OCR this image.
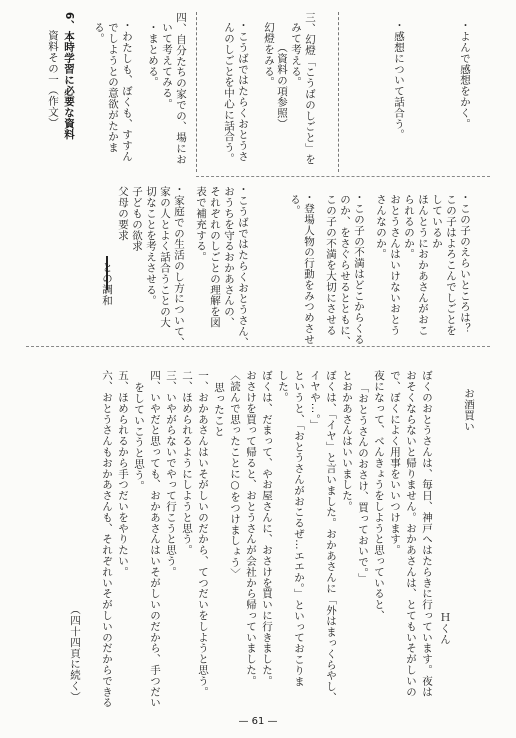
・よんで感想をかく。
・感想について話合う。
三、幻燈「こうばのしごと」を
みて考える。
（資料の項参照）
幻燈をみる。
・こうばではたらくおとうさ
んのしごとを中心に話合う。
四、自分たちの家での、場にお
いて考えてみる。
・まとめる。
・わたしも、ぼくも、すすん
でしようとの意欲がたかま
る。
6、本時学習に必要な資料
資料その一（作文）
・この子のえらいところは？
この子はよろこんでしごとを
しているか
ほんとうにおかあさんがおこ
られるのか。
おとうさんはいけないおとう
さんなのか。
・この子の不満はどこからくる
のか、をさぐらせるとともに、
この子の不満を大切にさせる
・登場人物の行動をみつめさせ
る。
・こうばではたらくおとうさん、
おうちを守るおかあさんの、
それぞれのしごとの理解を図
表で補充する。
・家庭での生活のし方について、
家の人とよく話合うことの大
切なことを考えさせる。
子どもの欲求
父母の要求
との調和
お酒買い
Ｈくん
ぼくのおとうさんは、毎日、神戸へはたらきに行っています。夜は
おそくならないと帰りません。おかあさんは、とてもいそがしいの
で、ぼくによく用事をいいつけます。
夜になって、べんきょうをしようと思っていると、
「おとうさんのおさけ、買っておいで。」
とおかあさんはいいました。
ぼくは、「イヤ」と言いました。おかあさんに「外はまっくらやし、
イヤや…。」
というと、「おとうさんがおこるぜ…エエか。」といっておこりま
した。
ぼくは、だまって、やお屋さんに、おさけを買いに行きました。
おさけを買って帰ると、おとうさんが会社から帰っていました。
〈読んで思ったことに○をつけましょう〉
思ったこと
一、おかあさんはいそがしいのだから、てつだいをしようと思う。
二、ほめられるようにしようと思う。
三、いやがらないでやって行こうと思う。
四、いやだと思っても、おかあさんはいそがしいのだから、手つだい
をしていこうと思う。
五、ほめられるから手つだいをやりたい。
六、おとうさんもおかあさんも、それぞれいそがしいのだからできる
（四十四頁に続く）
— 61 —
